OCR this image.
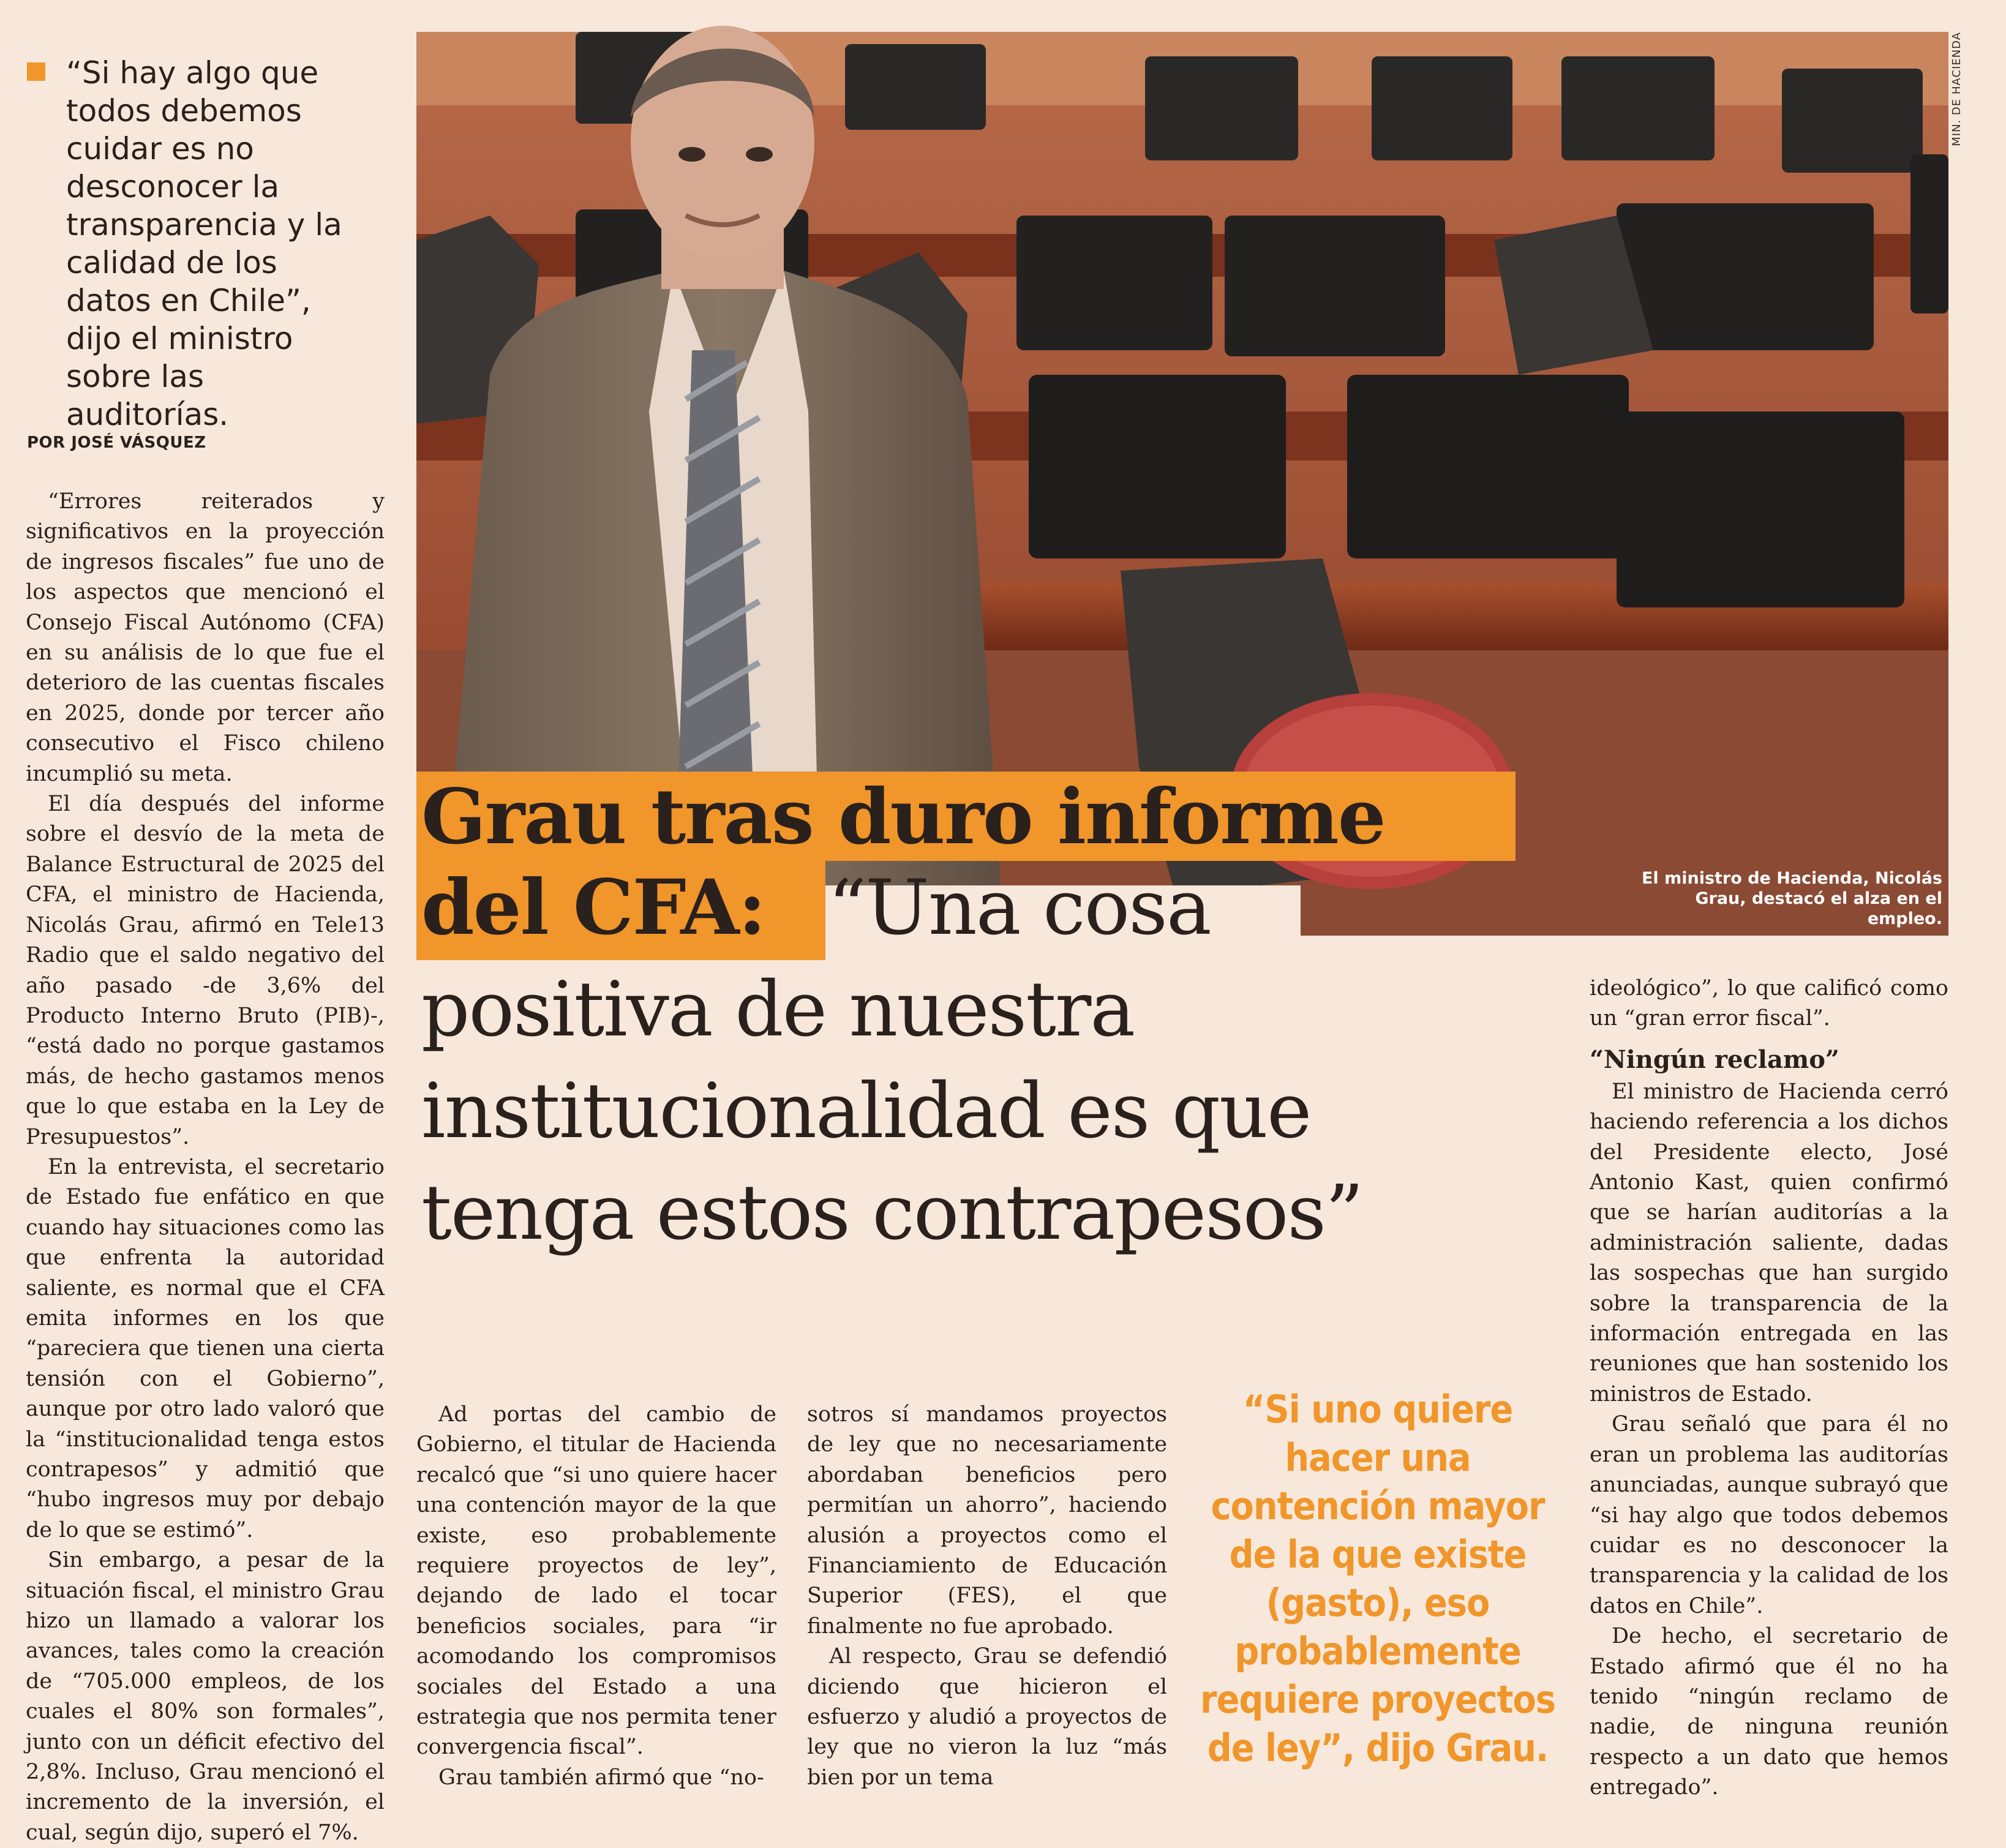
“Si hay algo que todos debemos cuidar es no desconocer la transparencia y la calidad de los datos en Chile”, dijo el ministro sobre las auditorías.
POR JOSÉ VÁSQUEZ

“Errores reiterados y significativos en la proyección de ingresos fiscales” fue uno de los aspectos que mencionó el Consejo Fiscal Autónomo (CFA) en su análisis de lo que fue el deterioro de las cuentas fiscales en 2025, donde por tercer año consecutivo el Fisco chileno incumplió su meta.

El día después del informe sobre el desvío de la meta de Balance Estructural de 2025 del CFA, el ministro de Hacienda, Nicolás Grau, afirmó en Tele13 Radio que el saldo negativo del año pasado -de 3,6% del Producto Interno Bruto (PIB)-, “está dado no porque gastamos más, de hecho gastamos menos que lo que estaba en la Ley de Presupuestos”.

En la entrevista, el secretario de Estado fue enfático en que cuando hay situaciones como las que enfrenta la autoridad saliente, es normal que el CFA emita informes en los que “pareciera que tienen una cierta tensión con el Gobierno”, aunque por otro lado valoró que la “institucionalidad tenga estos contrapesos” y admitió que “hubo ingresos muy por debajo de lo que se estimó”.

Sin embargo, a pesar de la situación fiscal, el ministro Grau hizo un llamado a valorar los avances, tales como la creación de “705.000 empleos, de los cuales el 80% son formales”, junto con un déficit efectivo del 2,8%. Incluso, Grau mencionó el incremento de la inversión, el cual, según dijo, superó el 7%.

MIN. DE HACIENDA
El ministro de Hacienda, Nicolás Grau, destacó el alza en el empleo.
Grau tras duro informe
del CFA: “Una cosa
positiva de nuestra
institucionalidad es que
tenga estos contrapesos”

Ad portas del cambio de Gobierno, el titular de Hacienda recalcó que “si uno quiere hacer una contención mayor de la que existe, eso probablemente requiere proyectos de ley”, dejando de lado el tocar beneficios sociales, para “ir acomodando los compromisos sociales del Estado a una estrategia que nos permita tener convergencia fiscal”.

Grau también afirmó que “no-

sotros sí mandamos proyectos de ley que no necesariamente abordaban beneficios pero permitían un ahorro”, haciendo alusión a proyectos como el Financiamiento de Educación Superior (FES), el que finalmente no fue aprobado.

Al respecto, Grau se defendió diciendo que hicieron el esfuerzo y aludió a proyectos de ley que no vieron la luz “más bien por un tema

“Si uno quiere hacer una contención mayor de la que existe (gasto), eso probablemente requiere proyectos de ley”, dijo Grau.

ideológico”, lo que calificó como un “gran error fiscal”.

“Ningún reclamo”

El ministro de Hacienda cerró haciendo referencia a los dichos del Presidente electo, José Antonio Kast, quien confirmó que se harían auditorías a la administración saliente, dadas las sospechas que han surgido sobre la transparencia de la información entregada en las reuniones que han sostenido los ministros de Estado.

Grau señaló que para él no eran un problema las auditorías anunciadas, aunque subrayó que “si hay algo que todos debemos cuidar es no desconocer la transparencia y la calidad de los datos en Chile”.

De hecho, el secretario de Estado afirmó que él no ha tenido “ningún reclamo de nadie, de ninguna reunión respecto a un dato que hemos entregado”.
